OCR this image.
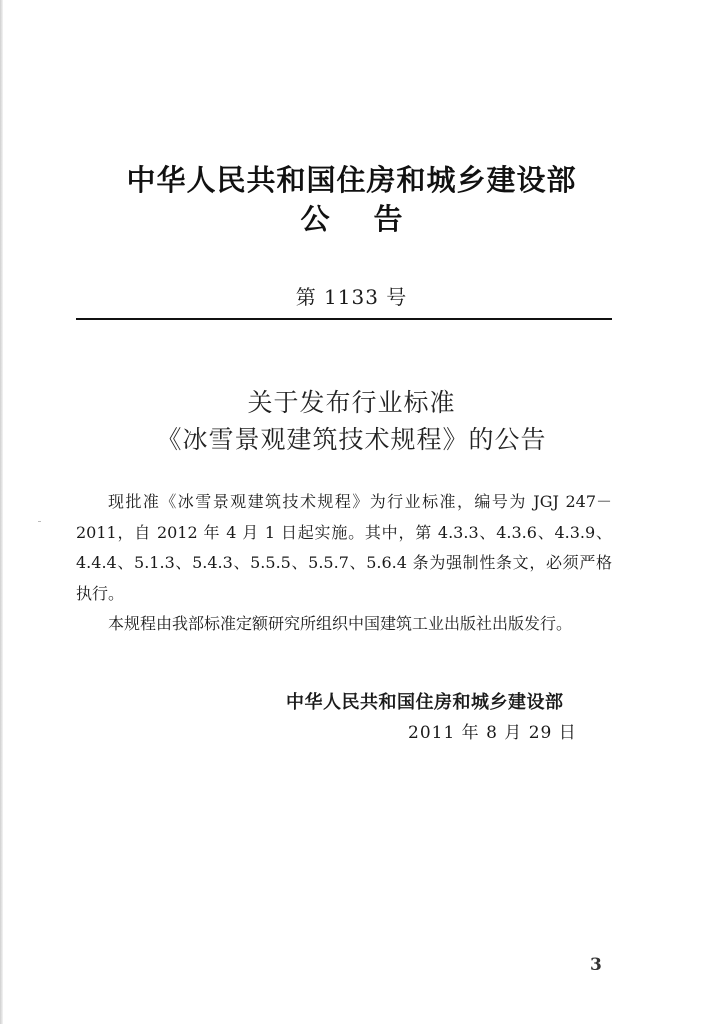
中华人民共和国住房和城乡建设部
公告
第 1133 号
关于发布行业标准
《冰雪景观建筑技术规程》的公告
现批准《冰雪景观建筑技术规程》为行业标准，编号为 JGJ 247－2011，自 2012 年 4 月 1 日起实施。其中，第 4.3.3、4.3.6、4.3.9、4.4.4、5.1.3、5.4.3、5.5.5、5.5.7、5.6.4 条为强制性条文，必须严格执行。
本规程由我部标准定额研究所组织中国建筑工业出版社出版发行。
中华人民共和国住房和城乡建设部
2011 年 8 月 29 日
3
